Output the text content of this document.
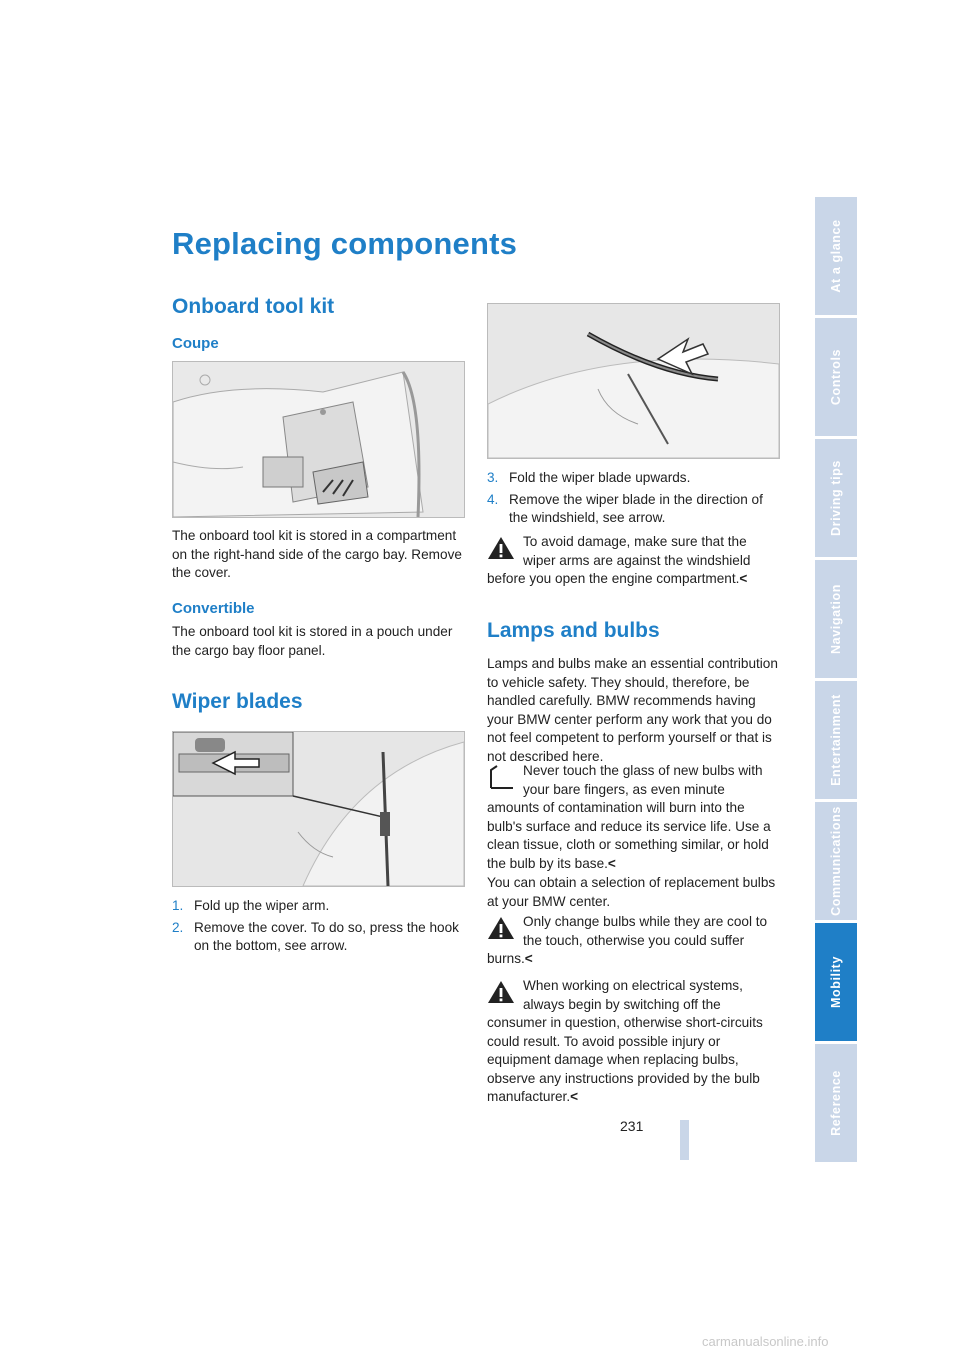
Replacing components
Onboard tool kit
Coupe

The onboard tool kit is stored in a compartment on the right-hand side of the cargo bay. Remove the cover.

Convertible

The onboard tool kit is stored in a pouch under the cargo bay floor panel.

Wiper blades
1. Fold up the wiper arm.
2. Remove the cover. To do so, press the hook on the bottom, see arrow.
3. Fold the wiper blade upwards.
4. Remove the wiper blade in the direction of the windshield, see arrow.
To avoid damage, make sure that the wiper arms are against the windshield before you open the engine compartment.<
Lamps and bulbs

Lamps and bulbs make an essential contribution to vehicle safety. They should, therefore, be handled carefully. BMW recommends having your BMW center perform any work that you do not feel competent to perform yourself or that is not described here.

Never touch the glass of new bulbs with your bare fingers, as even minute amounts of contamination will burn into the bulb's surface and reduce its service life. Use a clean tissue, cloth or something similar, or hold the bulb by its base.<

You can obtain a selection of replacement bulbs at your BMW center.

Only change bulbs while they are cool to the touch, otherwise you could suffer burns.<
When working on electrical systems, always begin by switching off the consumer in question, otherwise short-circuits could result. To avoid possible injury or equipment damage when replacing bulbs, observe any instructions provided by the bulb manufacturer.<
At a glance
Controls
Driving tips
Navigation
Entertainment
Communications
Mobility
Reference
231
carmanualsonline.info
